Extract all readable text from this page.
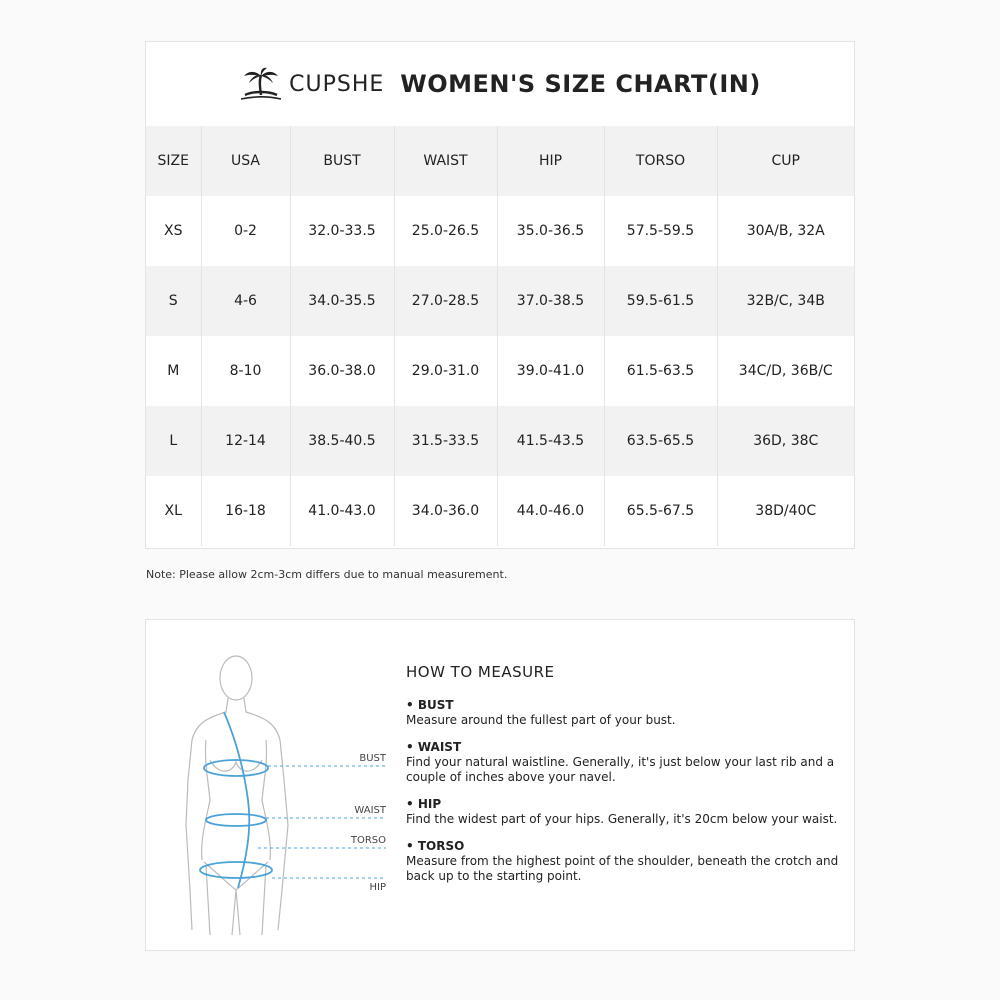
CUPSHE WOMEN'S SIZE CHART(IN)
SIZE	USA	BUST	WAIST	HIP	TORSO	CUP
XS	0-2	32.0-33.5	25.0-26.5	35.0-36.5	57.5-59.5	30A/B, 32A
S	4-6	34.0-35.5	27.0-28.5	37.0-38.5	59.5-61.5	32B/C, 34B
M	8-10	36.0-38.0	29.0-31.0	39.0-41.0	61.5-63.5	34C/D, 36B/C
L	12-14	38.5-40.5	31.5-33.5	41.5-43.5	63.5-65.5	36D, 38C
XL	16-18	41.0-43.0	34.0-36.0	44.0-46.0	65.5-67.5	38D/40C
Note: Please allow 2cm-3cm differs due to manual measurement.
BUST
WAIST
TORSO
HIP
HOW TO MEASURE
• BUST
Measure around the fullest part of your bust.
• WAIST
Find your natural waistline. Generally, it's just below your last rib and a couple of inches above your navel.
• HIP
Find the widest part of your hips. Generally, it's 20cm below your waist.
• TORSO
Measure from the highest point of the shoulder, beneath the crotch and back up to the starting point.
